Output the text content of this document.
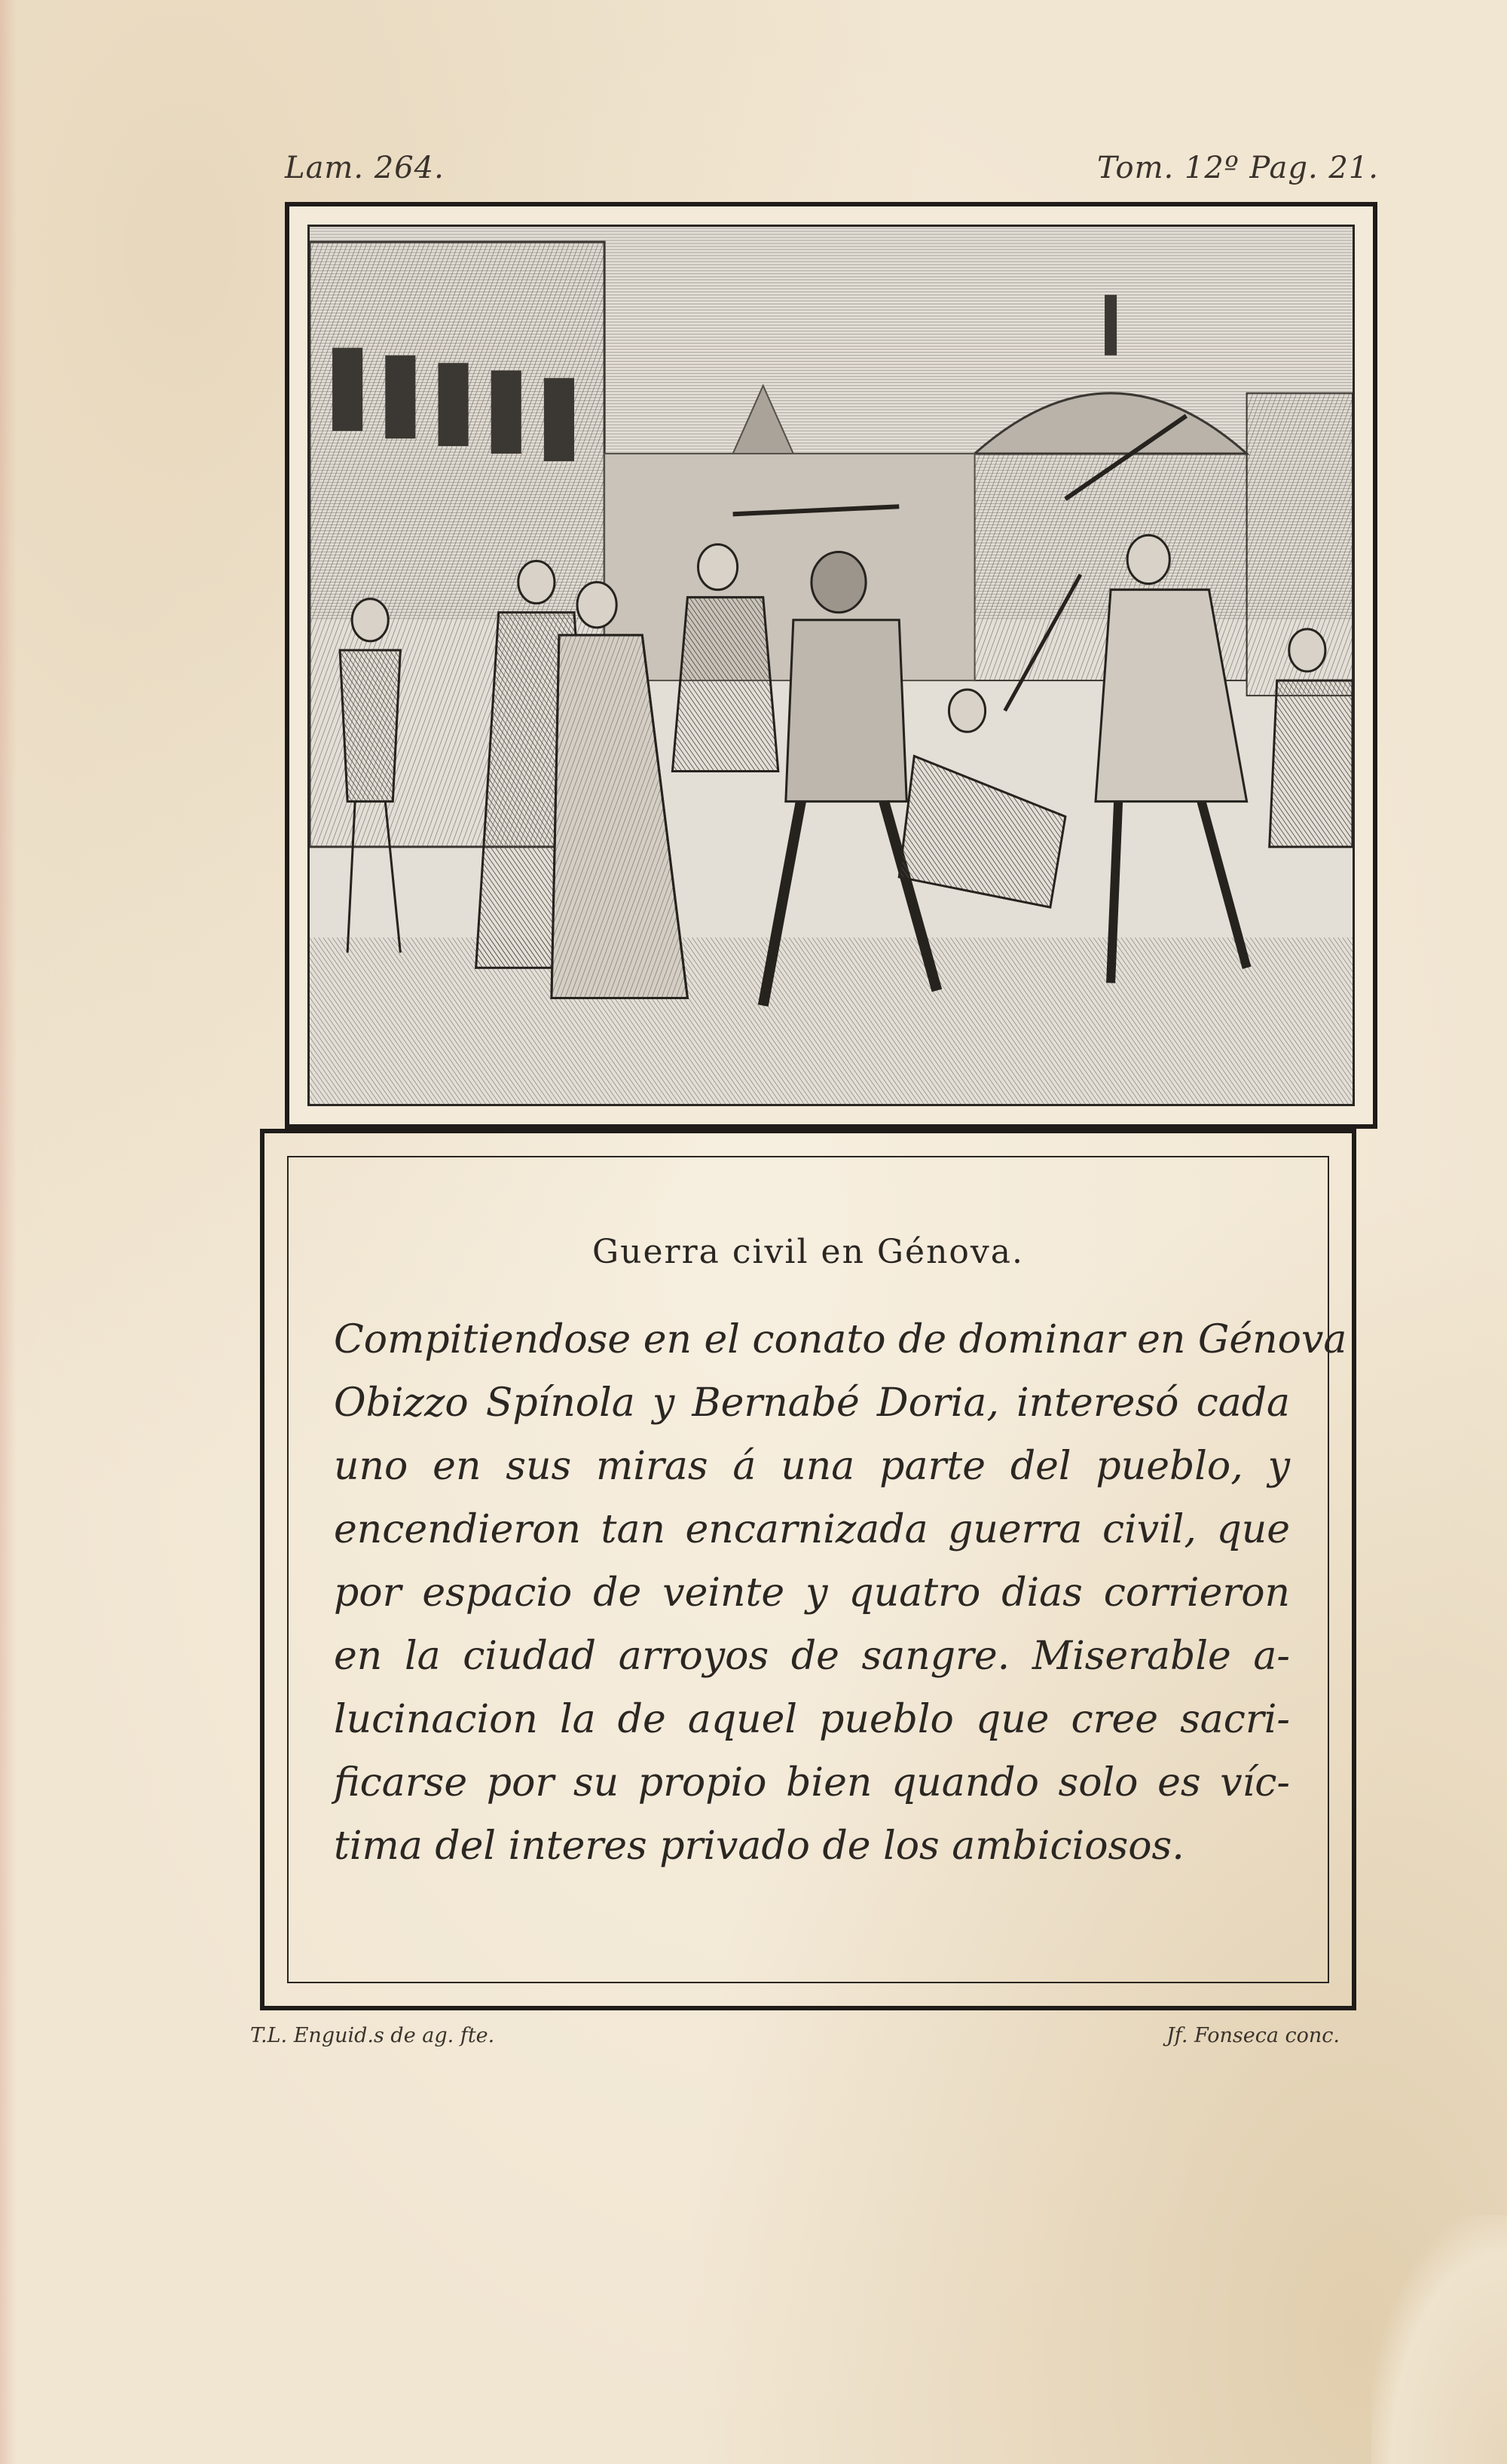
Lam. 264.	Tom. 12º Pag. 21.
Guerra civil en Génova.
Compitiendose en el conato de dominar en Génova
Obizzo Spínola y Bernabé Doria, interesó cada
uno en sus miras á una parte del pueblo, y
encendieron tan encarnizada guerra civil, que
por espacio de veinte y quatro dias corrieron
en la ciudad arroyos de sangre. Miserable a-
lucinacion la de aquel pueblo que cree sacri-
ficarse por su propio bien quando solo es víc-
tima del interes privado de los ambiciosos.
T.L. Enguid.s de ag. fte.	Jf. Fonseca conc.
